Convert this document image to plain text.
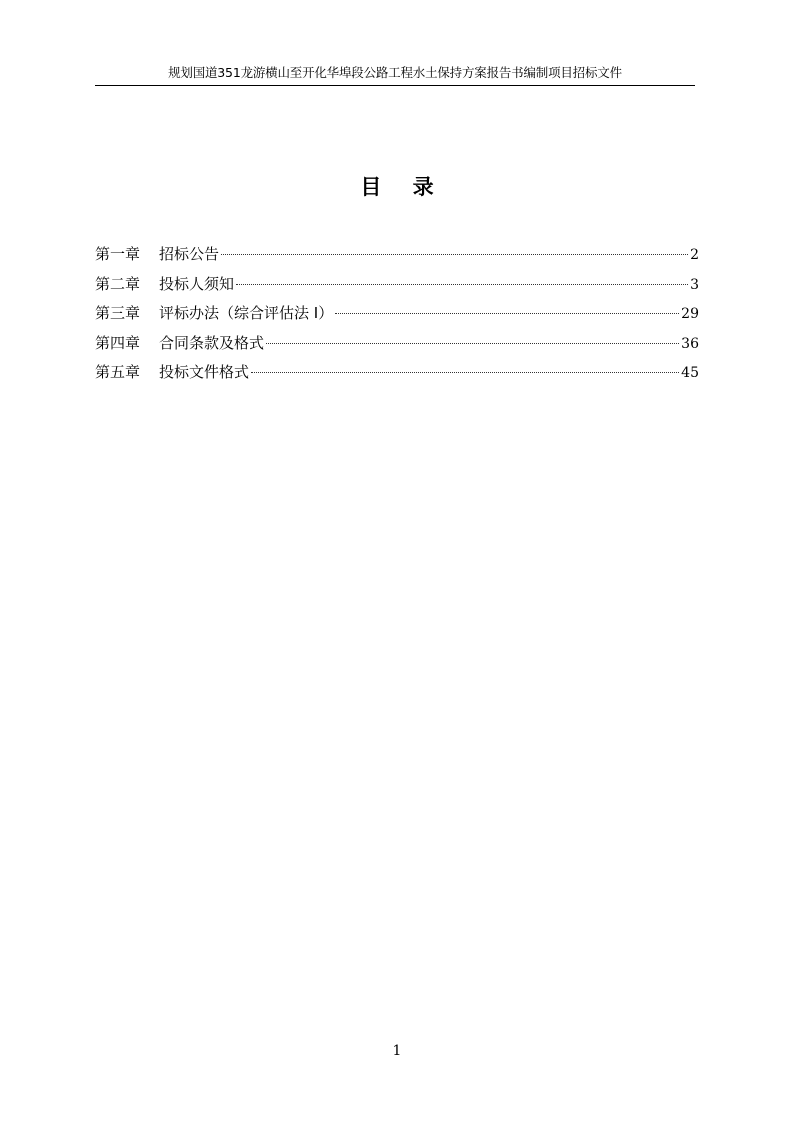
规划国道351龙游横山至开化华埠段公路工程水土保持方案报告书编制项目招标文件
目 录
第一章	招标公告	2
第二章	投标人须知	3
第三章	评标办法（综合评估法 I）	29
第四章	合同条款及格式	36
第五章	投标文件格式	45
1
